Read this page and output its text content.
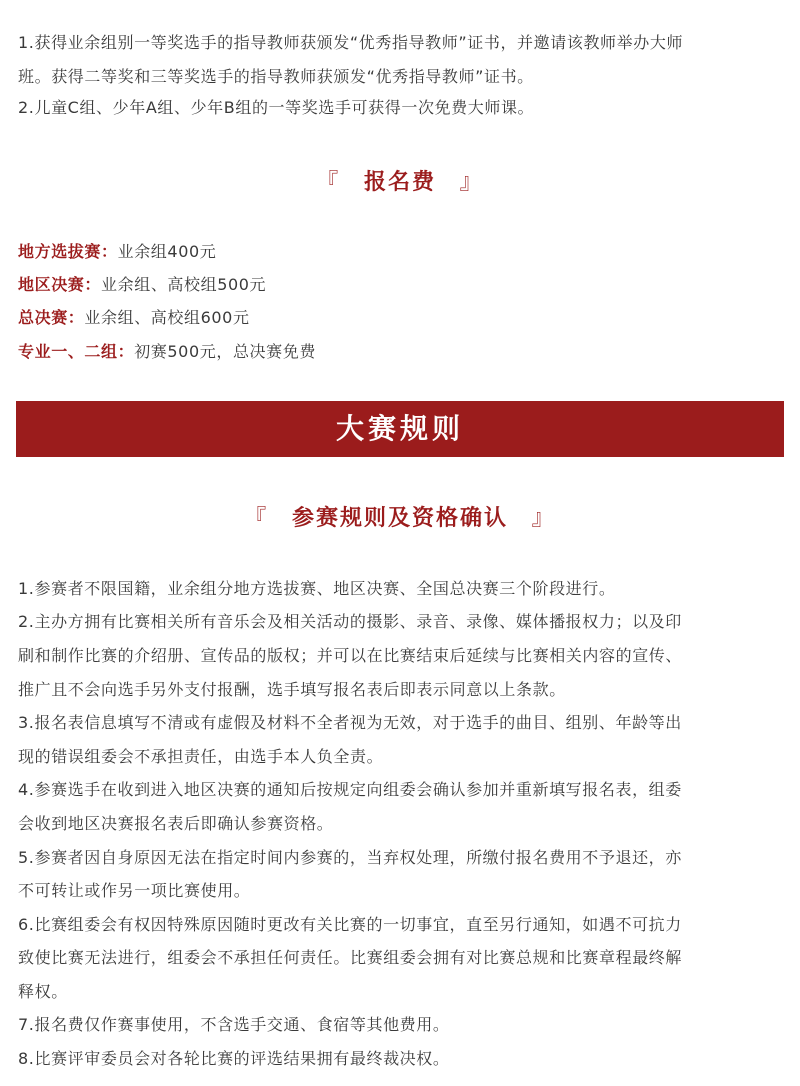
1.获得业余组别一等奖选手的指导教师获颁发“优秀指导教师”证书，并邀请该教师举办大师

班。获得二等奖和三等奖选手的指导教师获颁发“优秀指导教师”证书。

2.儿童C组、少年A组、少年B组的一等奖选手可获得一次免费大师课。

『 报名费 』
地方选拔赛：业余组400元
地区决赛：业余组、高校组500元
总决赛：业余组、高校组600元
专业一、二组：初赛500元，总决赛免费
大赛规则
『 参赛规则及资格确认 』

1.参赛者不限国籍，业余组分地方选拔赛、地区决赛、全国总决赛三个阶段进行。

2.主办方拥有比赛相关所有音乐会及相关活动的摄影、录音、录像、媒体播报权力；以及印

刷和制作比赛的介绍册、宣传品的版权；并可以在比赛结束后延续与比赛相关内容的宣传、

推广且不会向选手另外支付报酬，选手填写报名表后即表示同意以上条款。

3.报名表信息填写不清或有虚假及材料不全者视为无效，对于选手的曲目、组别、年龄等出

现的错误组委会不承担责任，由选手本人负全责。

4.参赛选手在收到进入地区决赛的通知后按规定向组委会确认参加并重新填写报名表，组委

会收到地区决赛报名表后即确认参赛资格。

5.参赛者因自身原因无法在指定时间内参赛的，当弃权处理，所缴付报名费用不予退还，亦

不可转让或作另一项比赛使用。

6.比赛组委会有权因特殊原因随时更改有关比赛的一切事宜，直至另行通知，如遇不可抗力

致使比赛无法进行，组委会不承担任何责任。比赛组委会拥有对比赛总规和比赛章程最终解

释权。

7.报名费仅作赛事使用，不含选手交通、食宿等其他费用。

8.比赛评审委员会对各轮比赛的评选结果拥有最终裁决权。
